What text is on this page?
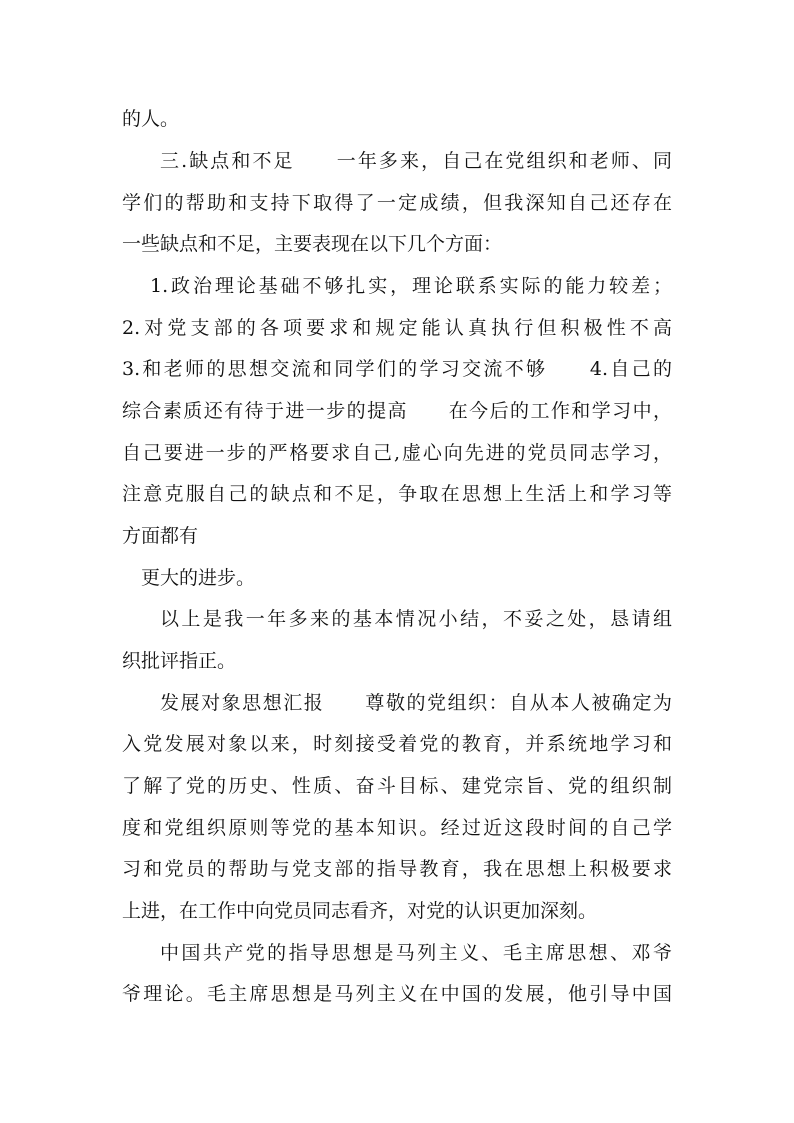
的人。
三.缺点和不足　　一年多来，自己在党组织和老师、同
学们的帮助和支持下取得了一定成绩，但我深知自己还存在
一些缺点和不足，主要表现在以下几个方面：
1.政治理论基础不够扎实，理论联系实际的能力较差；
2.对党支部的各项要求和规定能认真执行但积极性不高
3.和老师的思想交流和同学们的学习交流不够　　4.自己的
综合素质还有待于进一步的提高　　在今后的工作和学习中，
自己要进一步的严格要求自己,虚心向先进的党员同志学习，
注意克服自己的缺点和不足，争取在思想上生活上和学习等
方面都有
更大的进步。
以上是我一年多来的基本情况小结，不妥之处，恳请组
织批评指正。
发展对象思想汇报　　尊敬的党组织：自从本人被确定为
入党发展对象以来，时刻接受着党的教育，并系统地学习和
了解了党的历史、性质、奋斗目标、建党宗旨、党的组织制
度和党组织原则等党的基本知识。经过近这段时间的自己学
习和党员的帮助与党支部的指导教育，我在思想上积极要求
上进，在工作中向党员同志看齐，对党的认识更加深刻。
中国共产党的指导思想是马列主义、毛主席思想、邓爷
爷理论。毛主席思想是马列主义在中国的发展，他引导中国
